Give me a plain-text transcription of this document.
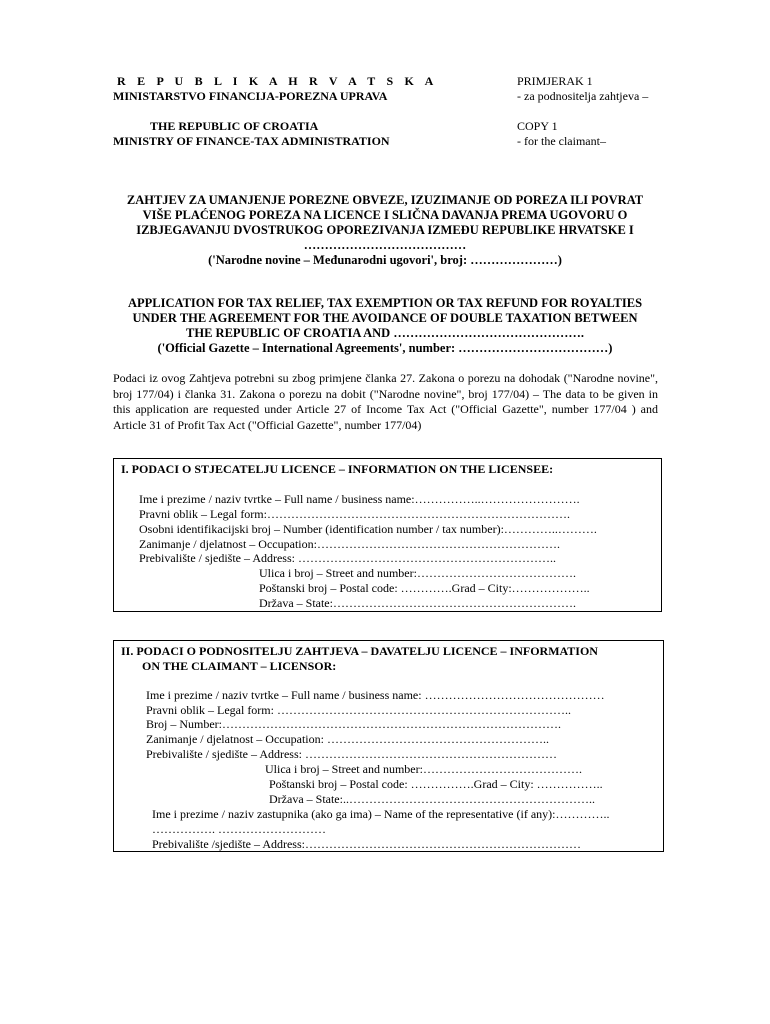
R E P U B L I K A H R V A T S K A
MINISTARSTVO FINANCIJA-POREZNA UPRAVA
THE REPUBLIC OF CROATIA
MINISTRY OF FINANCE-TAX ADMINISTRATION
PRIMJERAK 1
- za podnositelja zahtjeva –
COPY 1
- for the claimant–
ZAHTJEV ZA UMANJENJE POREZNE OBVEZE, IZUZIMANJE OD POREZA ILI POVRAT
VIŠE PLAĆENOG POREZA NA LICENCE I SLIČNA DAVANJA PREMA UGOVORU O
IZBJEGAVANJU DVOSTRUKOG OPOREZIVANJA IZMEĐU REPUBLIKE HRVATSKE I
…………………………………
('Narodne novine – Međunarodni ugovori', broj: …………………)
APPLICATION FOR TAX RELIEF, TAX EXEMPTION OR TAX REFUND FOR ROYALTIES
UNDER THE AGREEMENT FOR THE AVOIDANCE OF DOUBLE TAXATION BETWEEN
THE REPUBLIC OF CROATIA AND ……………………………………….
('Official Gazette – International Agreements', number: ………………………………)
Podaci iz ovog Zahtjeva potrebni su zbog primjene članka 27. Zakona o porezu na dohodak ("Narodne novine", broj 177/04) i članka 31. Zakona o porezu na dobit ("Narodne novine", broj 177/04) – The data to be given in this application are requested under Article 27 of Income Tax Act ("Official Gazette", number 177/04 ) and Article 31 of Profit Tax Act ("Official Gazette", number 177/04)
I. PODACI O STJECATELJU LICENCE – INFORMATION ON THE LICENSEE:
Ime i prezime / naziv tvrtke – Full name / business name:……………..…………………….
Pravni oblik – Legal form:………………………………………………………………….
Osobni identifikacijski broj – Number (identification number / tax number):…………..……….
Zanimanje / djelatnost – Occupation:…………………………………………………….
Prebivalište / sjedište – Address: ………………………………………………………..
Ulica i broj – Street and number:………………………………….
Poštanski broj – Postal code: ………….Grad – City:………………..
Država – State:…………………………………………………….
II. PODACI O PODNOSITELJU ZAHTJEVA – DAVATELJU LICENCE – INFORMATION
ON THE CLAIMANT – LICENSOR:
Ime i prezime / naziv tvrtke – Full name / business name: ………………………………………
Pravni oblik – Legal form: ………………………………………………………………..
Broj – Number:………………………………………………………………………….
Zanimanje / djelatnost – Occupation: ………………………………………………..
Prebivalište / sjedište – Address: ………………………………………………………
Ulica i broj – Street and number:………………………………….
Poštanski broj – Postal code: …………….Grad – City: ……………..
Država – State:..……………………………………………………..
Ime i prezime / naziv zastupnika (ako ga ima) – Name of the representative (if any):…………..
……………. ………………………
Prebivalište /sjedište – Address:……………………………………………………………
